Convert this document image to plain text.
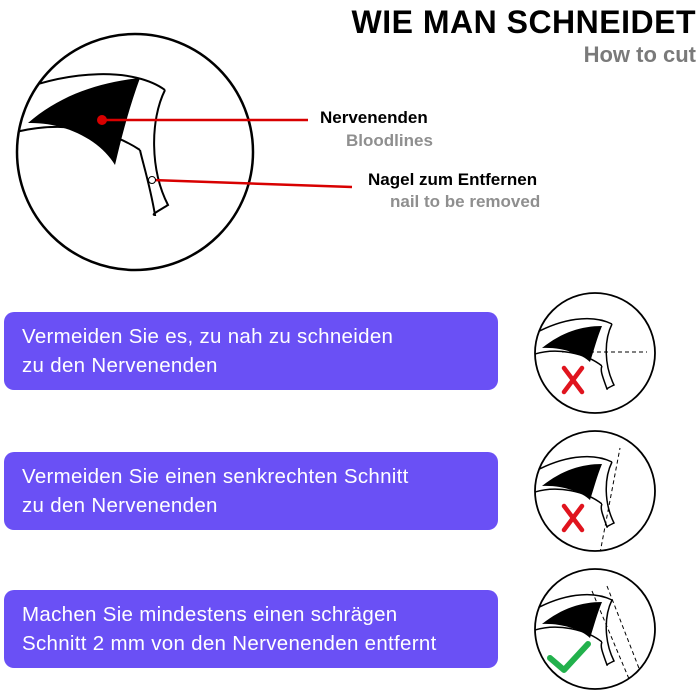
WIE MAN SCHNEIDET
How to cut
Nervenenden
Bloodlines
Nagel zum Entfernen
nail to be removed
Vermeiden Sie es, zu nah zu schneiden
zu den Nervenenden
Vermeiden Sie einen senkrechten Schnitt
zu den Nervenenden
Machen Sie mindestens einen schrägen
Schnitt 2 mm von den Nervenenden entfernt
